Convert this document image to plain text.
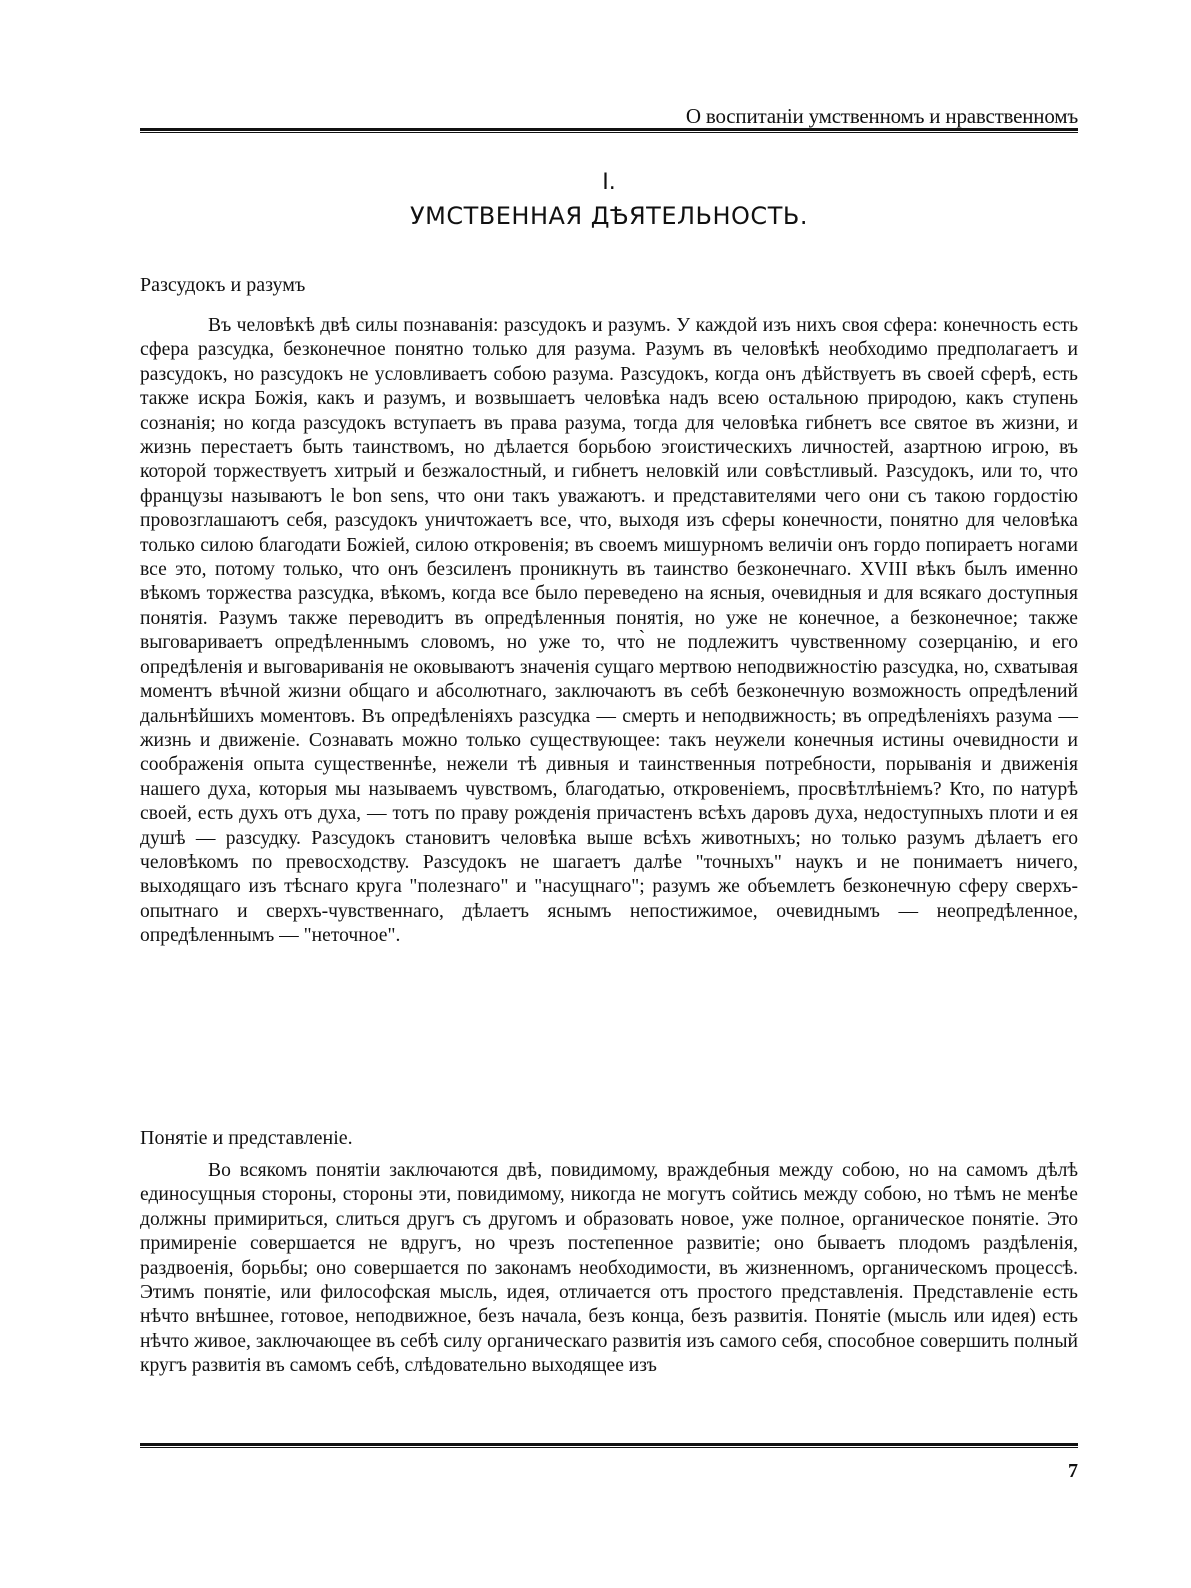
О воспитанiи умственномъ и нравственномъ
I.
УМСТВЕННАЯ ДѢЯТЕЛЬНОСТЬ.
Разсудокъ и разумъ

Въ человѣкѣ двѣ силы познаванiя: разсудокъ и разумъ. У каждой изъ нихъ своя сфера: конечность есть сфера разсудка, безконечное понятно только для разума. Разумъ въ человѣкѣ необходимо предполагаетъ и разсудокъ, но разсудокъ не условливаетъ собою разума. Разсудокъ, когда онъ дѣйствуетъ въ своей сферѣ, есть также искра Божiя, какъ и разумъ, и возвышаетъ человѣка надъ всею остальною природою, какъ ступень сознанiя; но когда разсудокъ вступаетъ въ права разума, тогда для человѣка гибнетъ все святое въ жизни, и жизнь перестаетъ быть таинствомъ, но дѣлается борьбою эгоистическихъ личностей, азартною игрою, въ которой торжествуетъ хитрый и безжалостный, и гибнетъ неловкiй или совѣстливый. Разсудокъ, или то, что французы называютъ le bon sens, что они такъ уважаютъ. и представителями чего они съ такою гордостiю провозглашаютъ себя, разсудокъ уничтожаетъ все, что, выходя изъ сферы конечности, понятно для человѣка только силою благодати Божiей, силою откровенiя; въ своемъ мишурномъ величiи онъ гордо попираетъ ногами все это, потому только, что онъ безсиленъ проникнуть въ таинство безконечнаго. XVIII вѣкъ былъ именно вѣкомъ торжества разсудка, вѣкомъ, когда все было переведено на ясныя, очевидныя и для всякаго доступныя понятiя. Разумъ также переводитъ въ опредѣленныя понятiя, но уже не конечное, а безконечное; также выговариваетъ опредѣленнымъ словомъ, но уже то, что̀ не подлежитъ чувственному созерцанiю, и его опредѣленiя и выговариванiя не оковываютъ значенiя сущаго мертвою неподвижностiю разсудка, но, схватывая моментъ вѣчной жизни общаго и абсолютнаго, заключаютъ въ себѣ безконечную возможность опредѣлений дальнѣйшихъ моментовъ. Въ опредѣленiяхъ разсудка — смерть и неподвижность; въ опредѣленiяхъ разума — жизнь и движенiе. Сознавать можно только существующее: такъ неужели конечныя истины очевидности и соображенiя опыта существеннѣе, нежели тѣ дивныя и таинственныя потребности, порыванiя и движенiя нашего духа, которыя мы называемъ чувствомъ, благодатью, откровенiемъ, просвѣтлѣнiемъ? Кто, по натурѣ своей, есть духъ отъ духа, — тотъ по праву рожденiя причастенъ всѣхъ даровъ духа, недоступныхъ плоти и ея душѣ — разсудку. Разсудокъ становитъ человѣка выше всѣхъ животныхъ; но только разумъ дѣлаетъ его человѣкомъ по превосходству. Разсудокъ не шагаетъ далѣе "точныхъ" наукъ и не понимаетъ ничего, выходящаго изъ тѣснаго круга "полезнаго" и "насущнаго"; разумъ же объемлетъ безконечную сферу сверхъ-опытнаго и сверхъ-чувственнаго, дѣлаетъ яснымъ непостижимое, очевиднымъ — неопредѣленное, опредѣленнымъ — "неточное".

Понятiе и представленiе.

Во всякомъ понятiи заключаются двѣ, повидимому, враждебныя между собою, но на самомъ дѣлѣ единосущныя стороны, стороны эти, повидимому, никогда не могутъ сойтись между собою, но тѣмъ не менѣе должны примириться, слиться другъ съ другомъ и образовать новое, уже полное, органическое понятiе. Это примиренiе совершается не вдругъ, но чрезъ постепенное развитiе; оно бываетъ плодомъ раздѣленiя, раздвоенiя, борьбы; оно совершается по законамъ необходимости, въ жизненномъ, органическомъ процессѣ. Этимъ понятiе, или философская мысль, идея, отличается отъ простого представленiя. Представленiе есть нѣчто внѣшнее, готовое, неподвижное, безъ начала, безъ конца, безъ развитiя. Понятiе (мысль или идея) есть нѣчто живое, заключающее въ себѣ силу органическаго развитiя изъ самого себя, способное совершить полный кругъ развитiя въ самомъ себѣ, слѣдовательно выходящее изъ

7
